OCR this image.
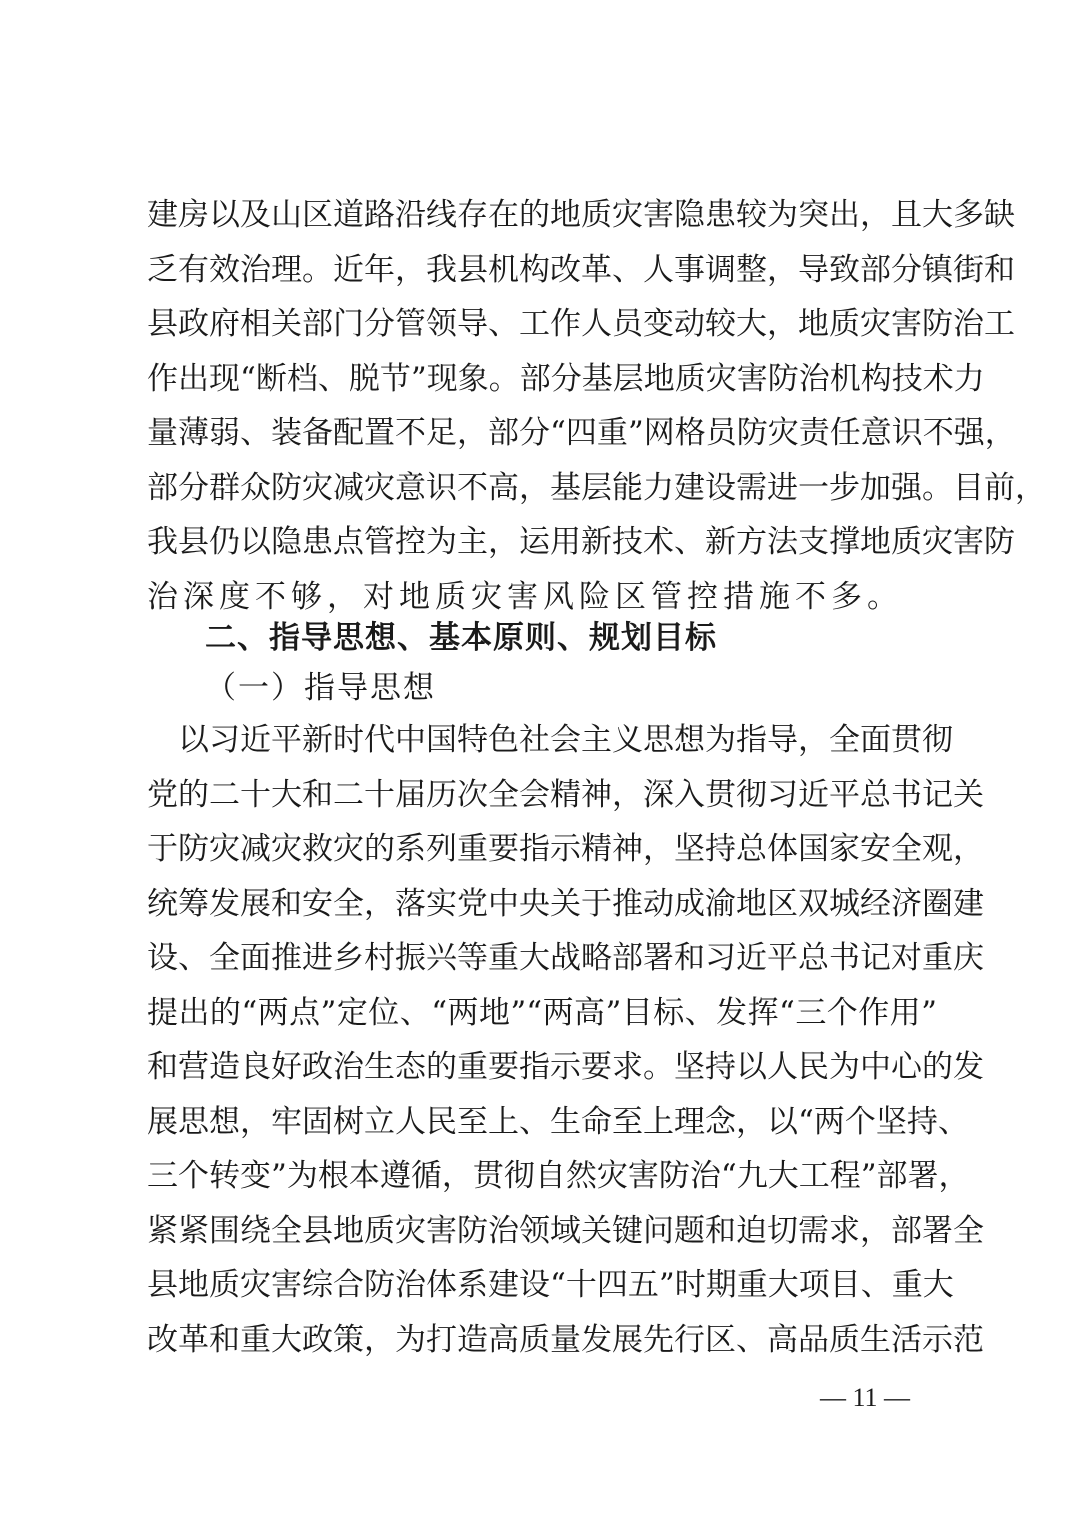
建房以及山区道路沿线存在的地质灾害隐患较为突出，且大多缺
乏有效治理。近年，我县机构改革、人事调整，导致部分镇街和
县政府相关部门分管领导、工作人员变动较大，地质灾害防治工
作出现“断档、脱节”现象。部分基层地质灾害防治机构技术力
量薄弱、装备配置不足，部分“四重”网格员防灾责任意识不强，
部分群众防灾减灾意识不高，基层能力建设需进一步加强。目前，
我县仍以隐患点管控为主，运用新技术、新方法支撑地质灾害防
治深度不够，对地质灾害风险区管控措施不多。
二、指导思想、基本原则、规划目标
（一）指导思想
　以习近平新时代中国特色社会主义思想为指导，全面贯彻
党的二十大和二十届历次全会精神，深入贯彻习近平总书记关
于防灾减灾救灾的系列重要指示精神，坚持总体国家安全观，
统筹发展和安全，落实党中央关于推动成渝地区双城经济圈建
设、全面推进乡村振兴等重大战略部署和习近平总书记对重庆
提出的“两点”定位、“两地”“两高”目标、发挥“三个作用”
和营造良好政治生态的重要指示要求。坚持以人民为中心的发
展思想，牢固树立人民至上、生命至上理念，以“两个坚持、
三个转变”为根本遵循，贯彻自然灾害防治“九大工程”部署，
紧紧围绕全县地质灾害防治领域关键问题和迫切需求，部署全
县地质灾害综合防治体系建设“十四五”时期重大项目、重大
改革和重大政策，为打造高质量发展先行区、高品质生活示范
— 11 —
